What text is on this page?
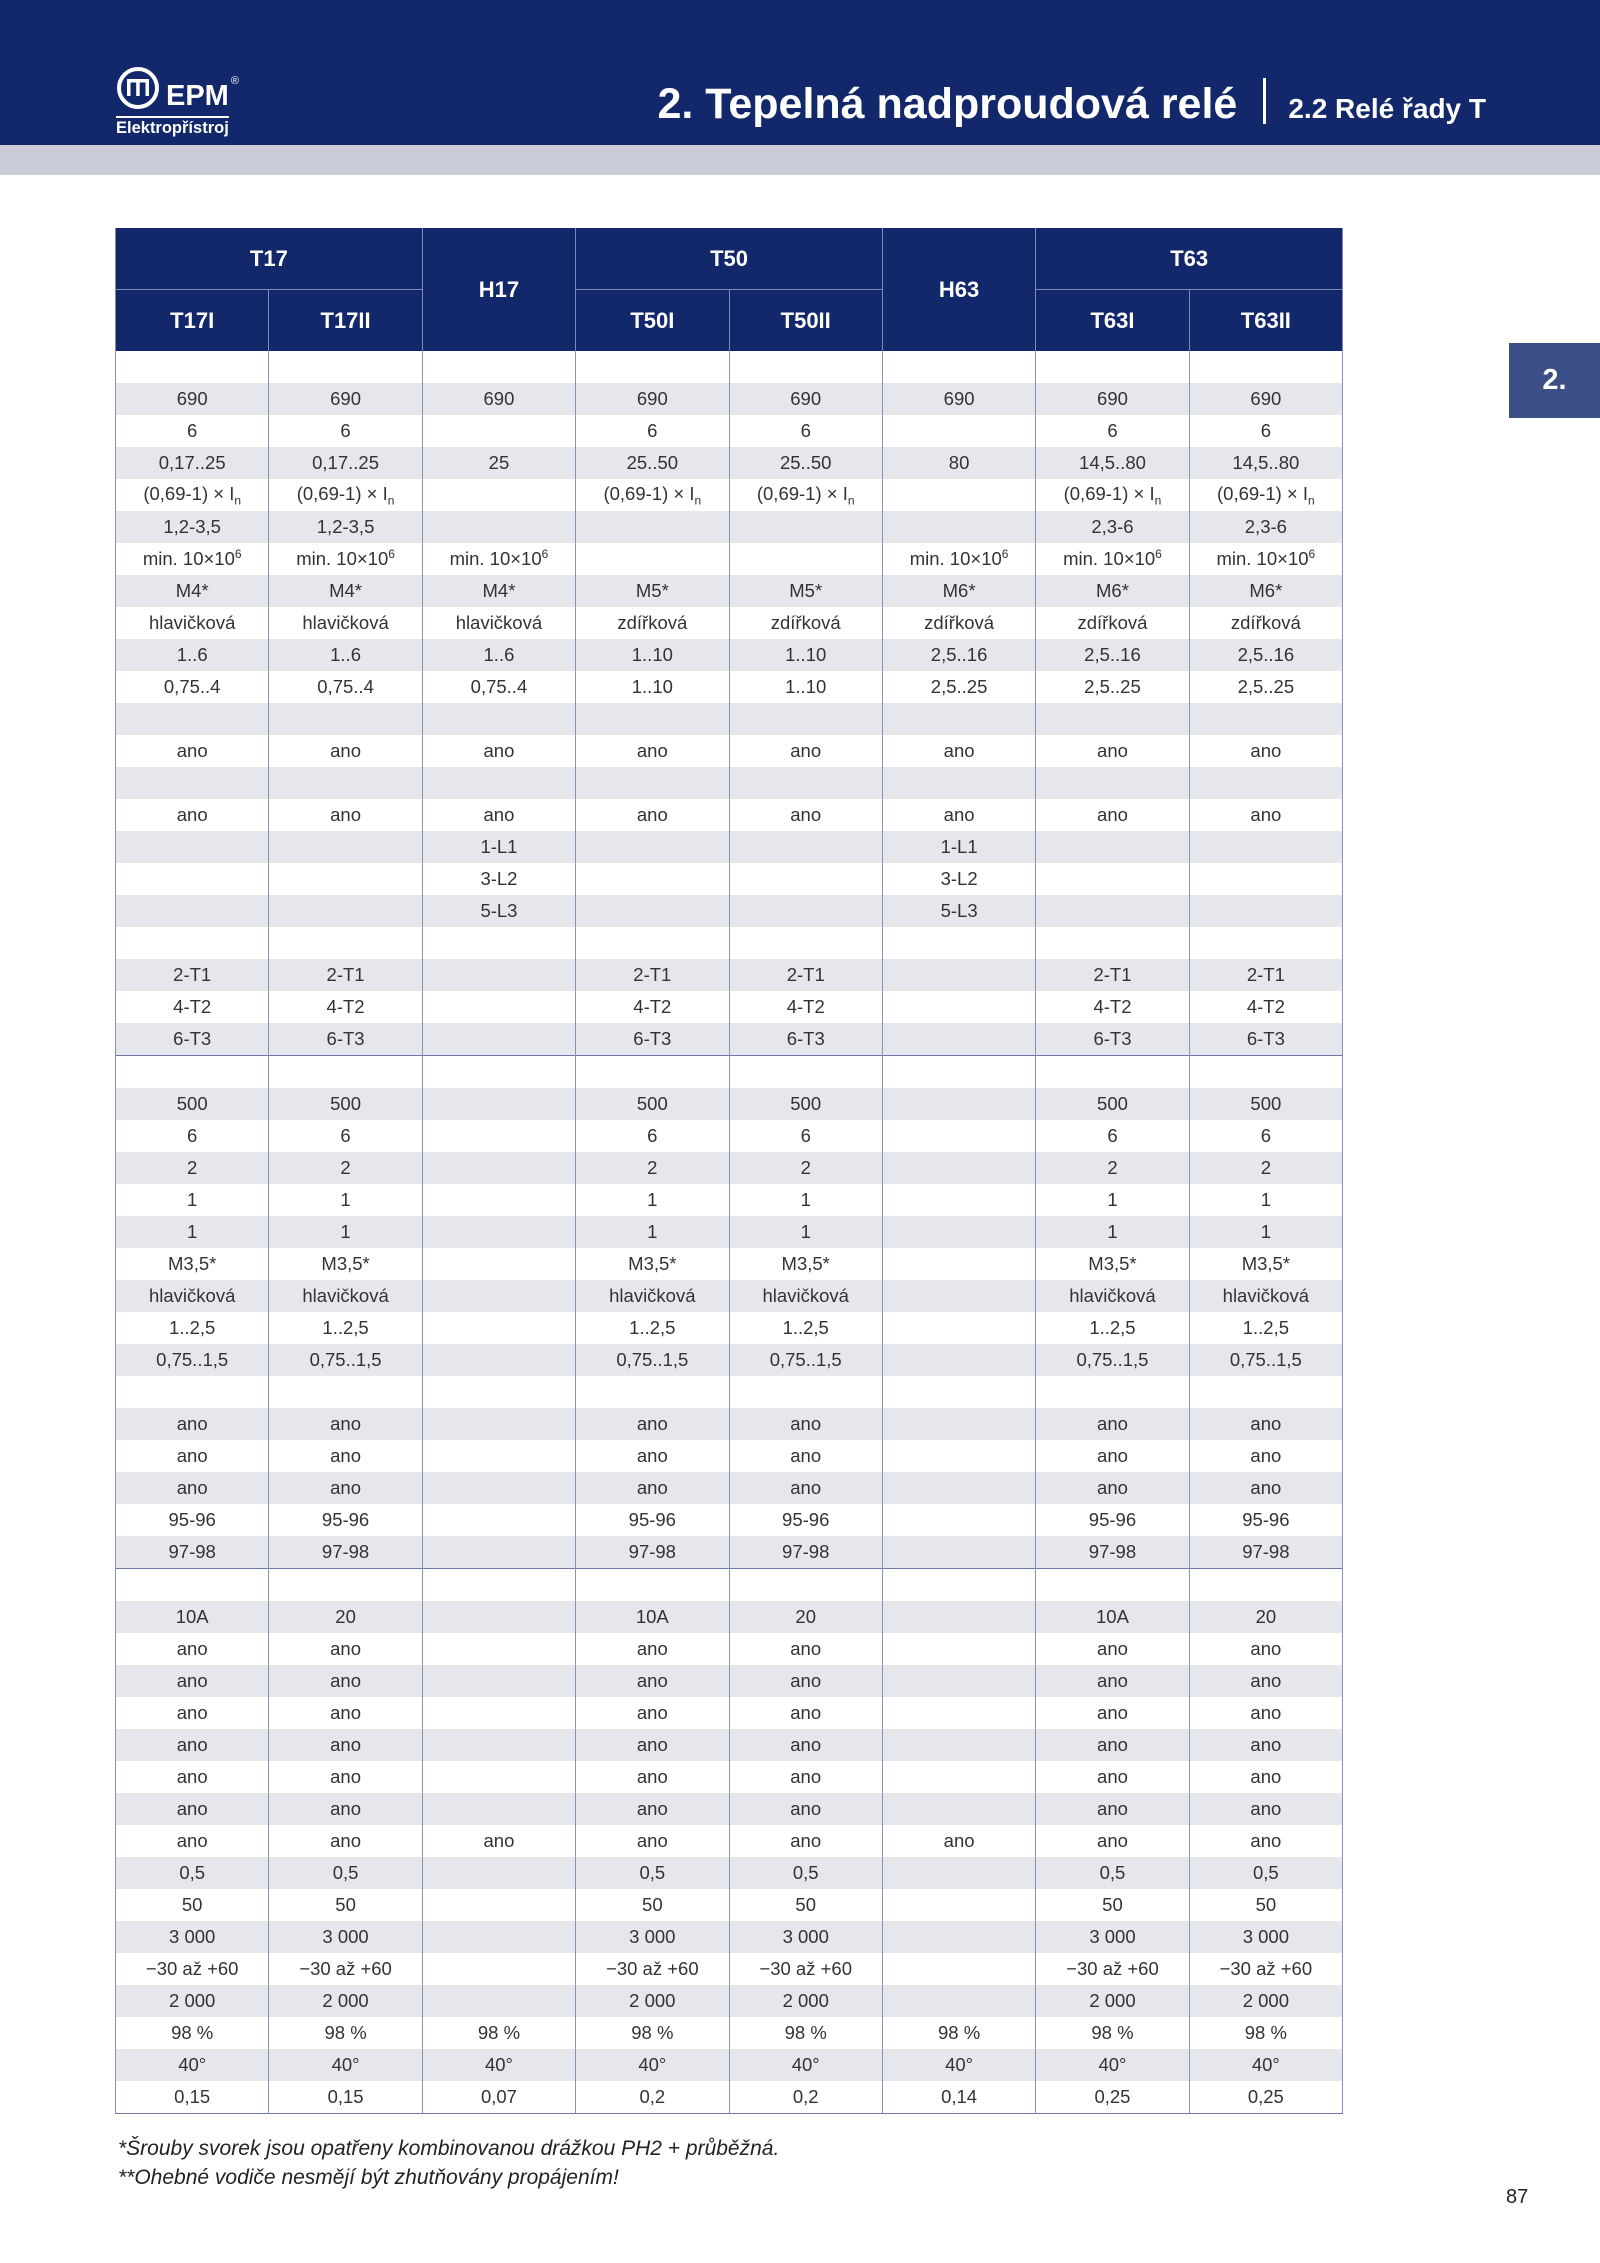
EPM ®
Elektropřístroj	2. Tepelná nadproudová relé 2.2 Relé řady T
2.
T17		H17	T50		H63	T63	
T17I	T17II		T50I	T50II		T63I	T63II

690	690	690	690	690	690	690	690
6	6		6	6		6	6
0,17..25	0,17..25	25	25..50	25..50	80	14,5..80	14,5..80
$(0,69-1) \times I_n$	$(0,69-1) \times I_n$		$(0,69-1) \times I_n$	$(0,69-1) \times I_n$		$(0,69-1) \times I_n$	$(0,69-1) \times I_n$
1,2-3,5	1,2-3,5					2,3-6	2,3-6
min. $10\times 10^6$	min. $10\times 10^6$	min. $10\times 10^6$			min. $10\times 10^6$	min. $10\times 10^6$	min. $10\times 10^6$
M4*	M4*	M4*	M5*	M5*	M6*	M6*	M6*
hlavičková	hlavičková	hlavičková	zdířková	zdířková	zdířková	zdířková	zdířková
1..6	1..6	1..6	1..10	1..10	2,5..16	2,5..16	2,5..16
0,75..4	0,75..4	0,75..4	1..10	1..10	2,5..25	2,5..25	2,5..25

ano	ano	ano	ano	ano	ano	ano	ano

ano	ano	ano	ano	ano	ano	ano	ano
		1-L1			1-L1		
		3-L2			3-L2		
		5-L3			5-L3		

2-T1	2-T1		2-T1	2-T1		2-T1	2-T1
4-T2	4-T2		4-T2	4-T2		4-T2	4-T2
6-T3	6-T3		6-T3	6-T3		6-T3	6-T3

500	500		500	500		500	500
6	6		6	6		6	6
2	2		2	2		2	2
1	1		1	1		1	1
1	1		1	1		1	1
M3,5*	M3,5*		M3,5*	M3,5*		M3,5*	M3,5*
hlavičková	hlavičková		hlavičková	hlavičková		hlavičková	hlavičková
1..2,5	1..2,5		1..2,5	1..2,5		1..2,5	1..2,5
0,75..1,5	0,75..1,5		0,75..1,5	0,75..1,5		0,75..1,5	0,75..1,5

ano	ano		ano	ano		ano	ano
ano	ano		ano	ano		ano	ano
ano	ano		ano	ano		ano	ano
95-96	95-96		95-96	95-96		95-96	95-96
97-98	97-98		97-98	97-98		97-98	97-98

10A	20		10A	20		10A	20
ano	ano		ano	ano		ano	ano
ano	ano		ano	ano		ano	ano
ano	ano		ano	ano		ano	ano
ano	ano		ano	ano		ano	ano
ano	ano		ano	ano		ano	ano
ano	ano		ano	ano		ano	ano
ano	ano	ano	ano	ano	ano	ano	ano
0,5	0,5		0,5	0,5		0,5	0,5
50	50		50	50		50	50
3 000	3 000		3 000	3 000		3 000	3 000
−30 až +60	−30 až +60		−30 až +60	−30 až +60		−30 až +60	−30 až +60
2 000	2 000		2 000	2 000		2 000	2 000
98 %	98 %	98 %	98 %	98 %	98 %	98 %	98 %
40°	40°	40°	40°	40°	40°	40°	40°
0,15	0,15	0,07	0,2	0,2	0,14	0,25	0,25
*Šrouby svorek jsou opatřeny kombinovanou drážkou PH2 + průběžná.
**Ohebné vodiče nesmějí být zhutňovány propájením!
87
